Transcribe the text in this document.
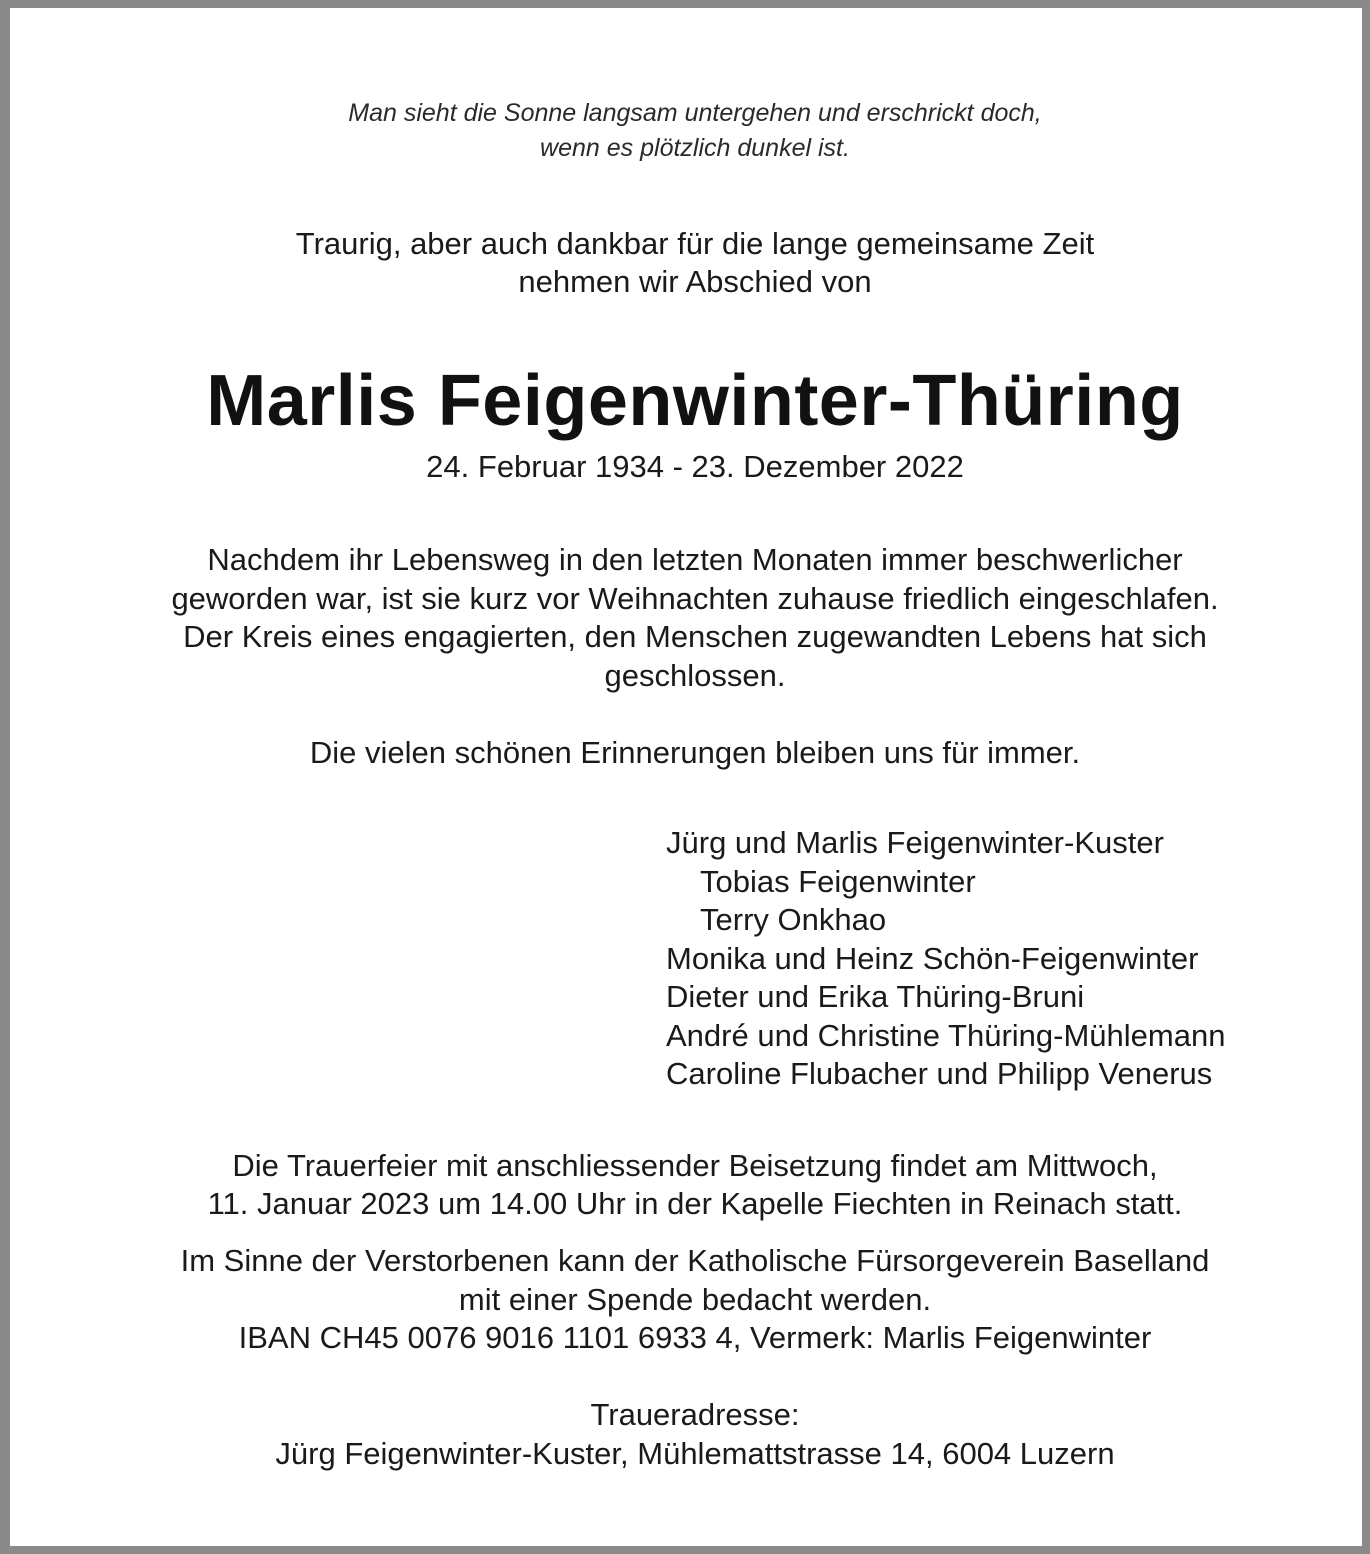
Man sieht die Sonne langsam untergehen und erschrickt doch,
wenn es plötzlich dunkel ist.
Traurig, aber auch dankbar für die lange gemeinsame Zeit
nehmen wir Abschied von
Marlis Feigenwinter-Thüring
24. Februar 1934 - 23. Dezember 2022
Nachdem ihr Lebensweg in den letzten Monaten immer beschwerlicher
geworden war, ist sie kurz vor Weihnachten zuhause friedlich eingeschlafen.
Der Kreis eines engagierten, den Menschen zugewandten Lebens hat sich
geschlossen.
Die vielen schönen Erinnerungen bleiben uns für immer.
Jürg und Marlis Feigenwinter-Kuster
Tobias Feigenwinter
Terry Onkhao
Monika und Heinz Schön-Feigenwinter
Dieter und Erika Thüring-Bruni
André und Christine Thüring-Mühlemann
Caroline Flubacher und Philipp Venerus
Die Trauerfeier mit anschliessender Beisetzung findet am Mittwoch,
11. Januar 2023 um 14.00 Uhr in der Kapelle Fiechten in Reinach statt.
Im Sinne der Verstorbenen kann der Katholische Fürsorgeverein Baselland
mit einer Spende bedacht werden.
IBAN CH45 0076 9016 1101 6933 4, Vermerk: Marlis Feigenwinter
Traueradresse:
Jürg Feigenwinter-Kuster, Mühlemattstrasse 14, 6004 Luzern
